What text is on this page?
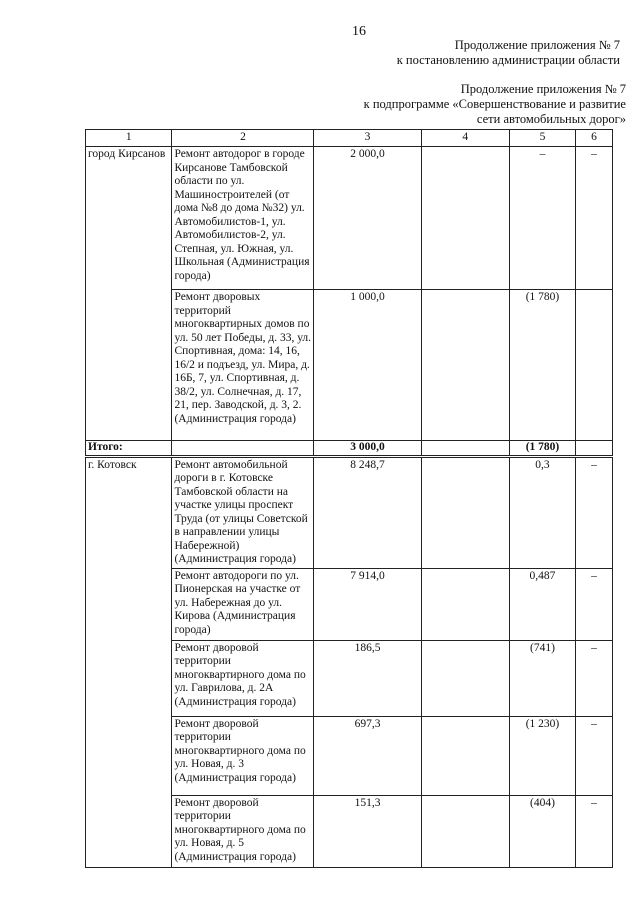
16
Продолжение приложения № 7
к постановлению администрации области
Продолжение приложения № 7
к подпрограмме «Совершенствование и развитие
сети автомобильных дорог»
1	2	3	4	5	6
город Кирсанов	Ремонт автодорог в городе Кирсанове Тамбовской области по ул. Машиностроителей (от дома №8 до дома №32) ул. Автомобилистов-1, ул. Автомобилистов-2, ул. Степная, ул. Южная, ул. Школьная (Администрация города)	2 000,0		–	–
	Ремонт дворовых территорий многоквартирных домов по ул. 50 лет Победы, д. 33, ул. Спортивная, дома: 14, 16, 16/2 и подъезд, ул. Мира, д. 16Б, 7, ул. Спортивная, д. 38/2, ул. Солнечная, д. 17, 21, пер. Заводской, д. 3, 2. (Администрация города)	1 000,0		(1 780)	
Итого:		3 000,0		(1 780)	
г. Котовск	Ремонт автомобильной дороги в г. Котовске Тамбовской области на участке улицы проспект Труда (от улицы Советской в направлении улицы Набережной) (Администрация города)	8 248,7		0,3	–
	Ремонт автодороги по ул. Пионерская на участке от ул. Набережная до ул. Кирова (Администрация города)	7 914,0		0,487	–
	Ремонт дворовой территории многоквартирного дома по ул. Гаврилова, д. 2А (Администрация города)	186,5		(741)	–
	Ремонт дворовой территории многоквартирного дома по ул. Новая, д. 3 (Администрация города)	697,3		(1 230)	–
	Ремонт дворовой территории многоквартирного дома по ул. Новая, д. 5 (Администрация города)	151,3		(404)	–
